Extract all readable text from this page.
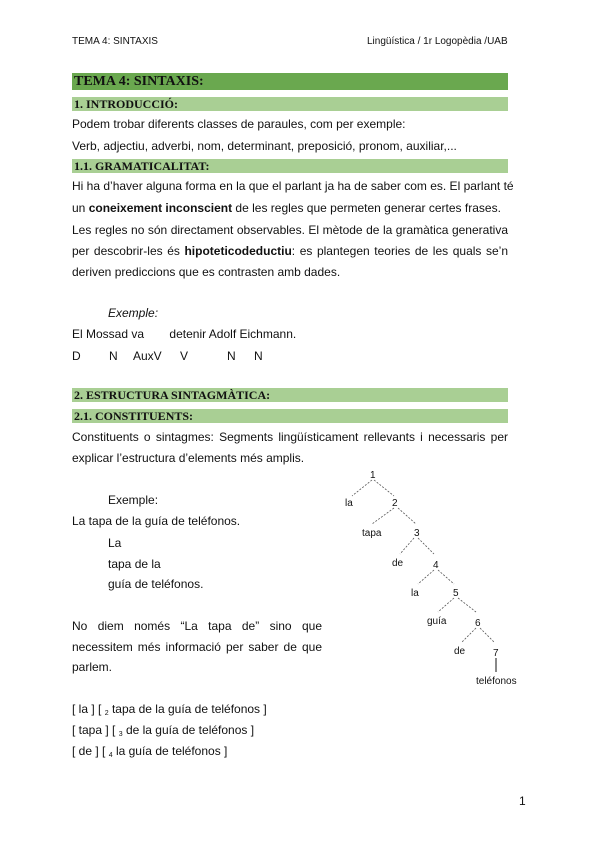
TEMA 4: SINTAXIS	Lingüística / 1r Logopèdia /UAB
TEMA 4: SINTAXIS:
1. INTRODUCCIÓ:
Podem trobar diferents classes de paraules, com per exemple:
Verb, adjectiu, adverbi, nom, determinant, preposició, pronom, auxiliar,...
1.1. GRAMATICALITAT:
Hi ha d’haver alguna forma en la que el parlant ja ha de saber com es. El parlant té
un coneixement inconscient de les regles que permeten generar certes frases.
Les regles no són directament observables. El mètode de la gramàtica generativa
per descobrir-les és hipoteticodeductiu: es plantegen teories de les quals se’n
deriven prediccions que es contrasten amb dades.
Exemple:
El Mossad va detenir Adolf Eichmann.
D N AuxV V	N N
2. ESTRUCTURA SINTAGMÀTICA:
2.1. CONSTITUENTS:
Constituents o sintagmes: Segments lingüísticament rellevants i necessaris per
explicar l’estructura d’elements més amplis.
Exemple:
La tapa de la guía de teléfonos.
La
tapa de la
guía de teléfonos.
No diem només “La tapa de” sino que
necessitem més informació per saber de que
parlem.
[ la ] [ $_2$ tapa de la guía de teléfonos ]
[ tapa ] [ $_3$ de la guía de teléfonos ]
[ de ] [ $_4$ la guía de teléfonos ]
1
2
3
4
5
6
7
la
tapa
de
la
guía
de
teléfonos
1
